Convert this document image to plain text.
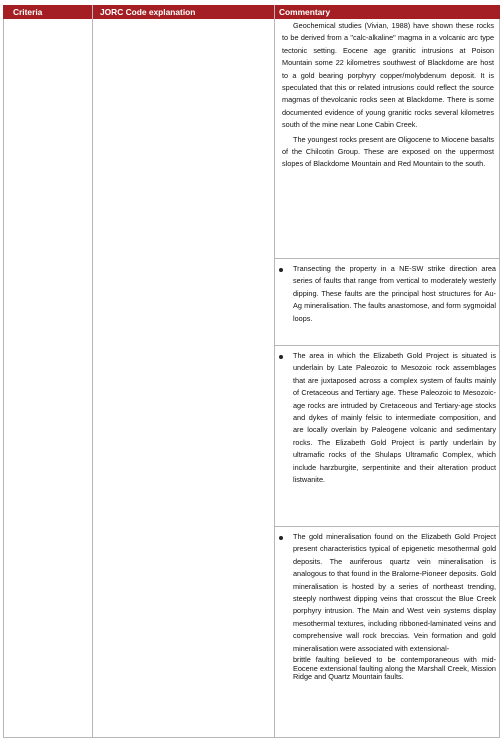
Criteria	JORC Code explanation	Commentary

Geochemical studies (Vivian, 1988) have shown these rocks to be derived from a "calc-alkaline" magma in a volcanic arc type tectonic setting. Eocene age granitic intrusions at Poison Mountain some 22 kilometres southwest of Blackdome are host to a gold bearing porphyry copper/molybdenum deposit. It is speculated that this or related intrusions could reflect the source magmas of thevolcanic rocks seen at Blackdome. There is some documented evidence of young granitic rocks several kilometres south of the mine near Lone Cabin Creek.

The youngest rocks present are Oligocene to Miocene basalts of the Chilcotin Group. These are exposed on the uppermost slopes of Blackdome Mountain and Red Mountain to the south.

Transecting the property in a NE-SW strike direction area series of faults that range from vertical to moderately westerly dipping. These faults are the principal host structures for Au- Ag mineralisation. The faults anastomose, and form sygmoidal loops.

The area in which the Elizabeth Gold Project is situated is underlain by Late Paleozoic to Mesozoic rock assemblages that are juxtaposed across a complex system of faults mainly of Cretaceous and Tertiary age. These Paleozoic to Mesozoic-age rocks are intruded by Cretaceous and Tertiary-age stocks and dykes of mainly felsic to intermediate composition, and are locally overlain by Paleogene volcanic and sedimentary rocks. The Elizabeth Gold Project is partly underlain by ultramafic rocks of the Shulaps Ultramafic Complex, which include harzburgite, serpentinite and their alteration product listwanite.

The gold mineralisation found on the Elizabeth Gold Project present characteristics typical of epigenetic mesothermal gold deposits. The auriferous quartz vein mineralisation is analogous to that found in the Bralorne-Pioneer deposits. Gold mineralisation is hosted by a series of northeast trending, steeply northwest dipping veins that crosscut the Blue Creek porphyry intrusion. The Main and West vein systems display mesothermal textures, including ribboned-laminated veins and comprehensive wall rock breccias. Vein formation and gold mineralisation were associated with extensional-

brittle faulting believed to be contemporaneous with mid-Eocene extensional faulting along the Marshall Creek, Mission Ridge and Quartz Mountain faults.
